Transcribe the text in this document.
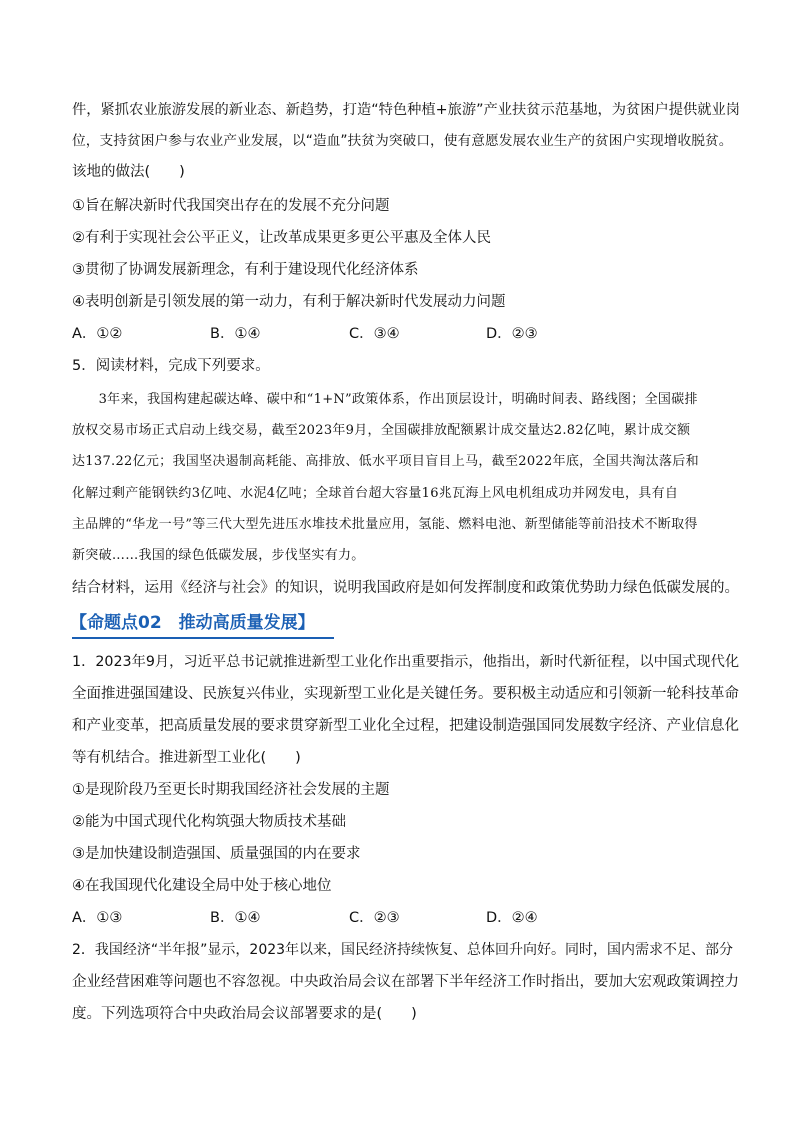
件，紧抓农业旅游发展的新业态、新趋势，打造“特色种植+旅游”产业扶贫示范基地，为贫困户提供就业岗
位，支持贫困户参与农业产业发展，以“造血”扶贫为突破口，使有意愿发展农业生产的贫困户实现增收脱贫。
该地的做法(　　)
①旨在解决新时代我国突出存在的发展不充分问题
②有利于实现社会公平正义，让改革成果更多更公平惠及全体人民
③贯彻了协调发展新理念，有利于建设现代化经济体系
④表明创新是引领发展的第一动力，有利于解决新时代发展动力问题
A．①②	B．①④	C．③④	D．②③
5．阅读材料，完成下列要求。
　　3年来，我国构建起碳达峰、碳中和“1+N”政策体系，作出顶层设计，明确时间表、路线图；全国碳排
放权交易市场正式启动上线交易，截至2023年9月，全国碳排放配额累计成交量达2.82亿吨，累计成交额
达137.22亿元；我国坚决遏制高耗能、高排放、低水平项目盲目上马，截至2022年底，全国共淘汰落后和
化解过剩产能钢铁约3亿吨、水泥4亿吨；全球首台超大容量16兆瓦海上风电机组成功并网发电，具有自
主品牌的“华龙一号”等三代大型先进压水堆技术批量应用，氢能、燃料电池、新型储能等前沿技术不断取得
新突破……我国的绿色低碳发展，步伐坚实有力。
结合材料，运用《经济与社会》的知识，说明我国政府是如何发挥制度和政策优势助力绿色低碳发展的。
【命题点02　推动高质量发展】
1．2023年9月，习近平总书记就推进新型工业化作出重要指示，他指出，新时代新征程，以中国式现代化
全面推进强国建设、民族复兴伟业，实现新型工业化是关键任务。要积极主动适应和引领新一轮科技革命
和产业变革，把高质量发展的要求贯穿新型工业化全过程，把建设制造强国同发展数字经济、产业信息化
等有机结合。推进新型工业化(　　)
①是现阶段乃至更长时期我国经济社会发展的主题
②能为中国式现代化构筑强大物质技术基础
③是加快建设制造强国、质量强国的内在要求
④在我国现代化建设全局中处于核心地位
A．①③	B．①④	C．②③	D．②④
2．我国经济“半年报”显示，2023年以来，国民经济持续恢复、总体回升向好。同时，国内需求不足、部分
企业经营困难等问题也不容忽视。中央政治局会议在部署下半年经济工作时指出，要加大宏观政策调控力
度。下列选项符合中央政治局会议部署要求的是(　　)
